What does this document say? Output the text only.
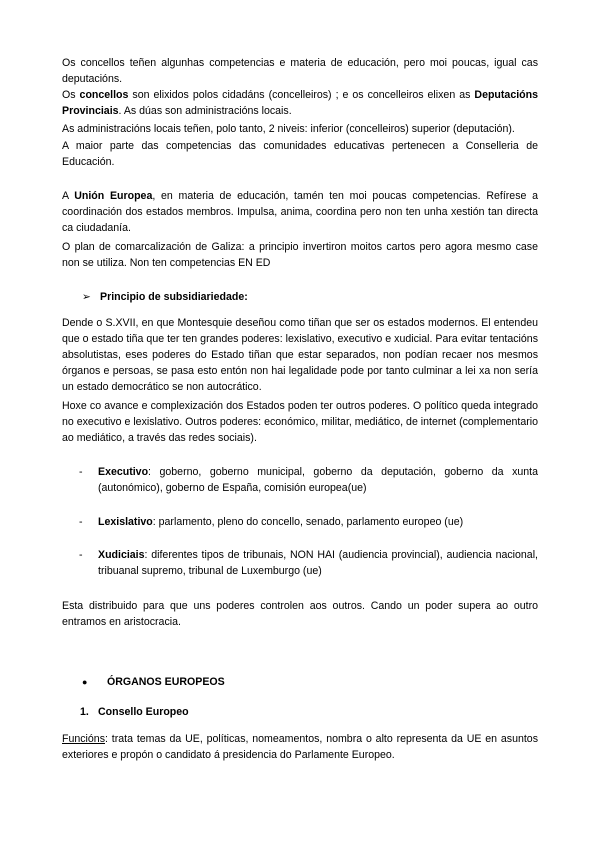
Os concellos teñen algunhas competencias e materia de educación, pero moi poucas, igual cas deputacións.

Os concellos son elixidos polos cidadáns (concelleiros) ; e os concelleiros elixen as Deputacións Provinciais. As dúas son administracións locais.

As administracións locais teñen, polo tanto, 2 niveis: inferior (concelleiros) superior (deputación).

A maior parte das competencias das comunidades educativas pertenecen a Conselleria de Educación.

A Unión Europea, en materia de educación, tamén ten moi poucas competencias. Refírese a coordinación dos estados membros. Impulsa, anima, coordina pero non ten unha xestión tan directa ca ciudadanía.

O plan de comarcalización de Galiza: a principio invertiron moitos cartos pero agora mesmo case non se utiliza. Non ten competencias EN ED

➢ Principio de subsidiariedade:

Dende o S.XVII, en que Montesquie deseñou como tiñan que ser os estados modernos. El entendeu que o estado tiña que ter ten grandes poderes: lexislativo, executivo e xudicial. Para evitar tentacións absolutistas, eses poderes do Estado tiñan que estar separados, non podían recaer nos mesmos órganos e persoas, se pasa esto entón non hai legalidade pode por tanto culminar a lei xa non sería un estado democrático se non autocrático.

Hoxe co avance e complexización dos Estados poden ter outros poderes. O político queda integrado no executivo e lexislativo. Outros poderes: económico, militar, mediático, de internet (complementario ao mediático, a través das redes sociais).

- Executivo: goberno, goberno municipal, goberno da deputación, goberno da xunta (autonómico), goberno de España, comisión europea(ue)
- Lexislativo: parlamento, pleno do concello, senado, parlamento europeo (ue)
- Xudiciais: diferentes tipos de tribunais, NON HAI (audiencia provincial), audiencia nacional, tribuanal supremo, tribunal de Luxemburgo (ue)

Esta distribuido para que uns poderes controlen aos outros. Cando un poder supera ao outro entramos en aristocracia.

● ÓRGANOS EUROPEOS

1. Consello Europeo

Funcións: trata temas da UE, políticas, nomeamentos, nombra o alto representa da UE en asuntos exteriores e propón o candidato á presidencia do Parlamente Europeo.
